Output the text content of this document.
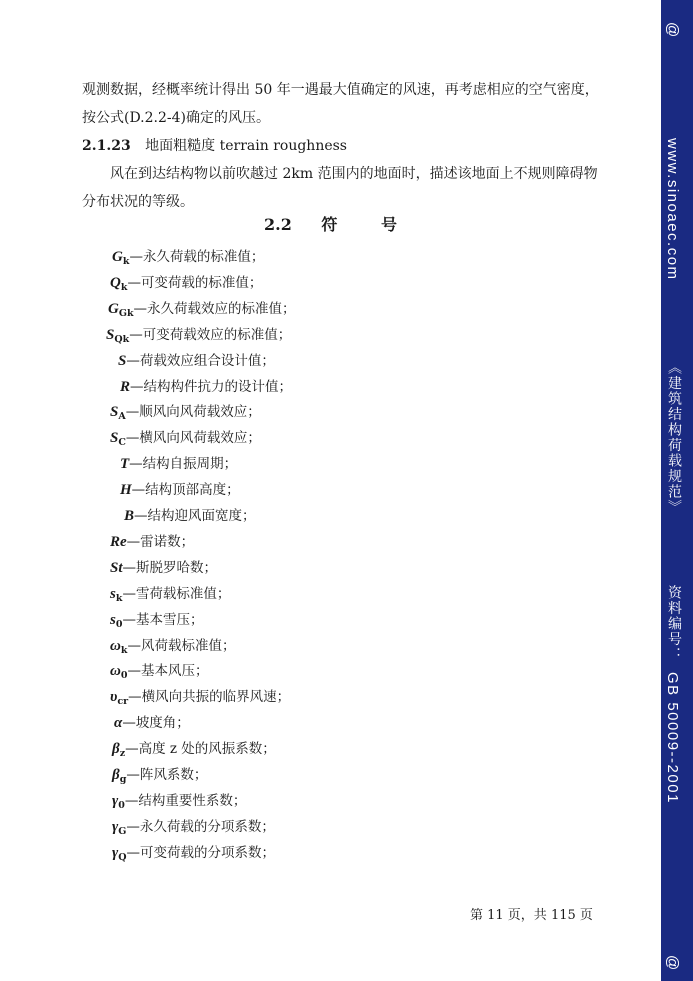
观测数据，经概率统计得出 50 年一遇最大值确定的风速，再考虑相应的空气密度，
按公式(D.2.2-4)确定的风压。
2.1.23 地面粗糙度 terrain roughness
风在到达结构物以前吹越过 2km 范围内的地面时，描述该地面上不规则障碍物
分布状况的等级。
2.2 符	号
$G_k—$永久荷载的标准值；
$Q_k—$可变荷载的标准值；
$G_{Gk}—$永久荷载效应的标准值；
$S_{Qk}—$可变荷载效应的标准值；
S—荷载效应组合设计值；
R—结构构件抗力的设计值；
$S_A—$顺风向风荷载效应；
$S_C—$横风向风荷载效应；
T—结构自振周期；
H—结构顶部高度；
B—结构迎风面宽度；
Re—雷诺数；
St—斯脱罗哈数；
$s_k—$雪荷载标准值；
$s_0—$基本雪压；
$\omega_k—$风荷载标准值；
$\omega_0—$基本风压；
$\upsilon_{cr}—$横风向共振的临界风速；
α—坡度角；
$\beta_z—$高度 z 处的风振系数；
$\beta_g—$阵风系数；
$\gamma_0—$结构重要性系数；
$\gamma_G—$永久荷载的分项系数；
$\gamma_Q—$可变荷载的分项系数；
第 11 页，共 115 页
@
www.sinoaec.com
《建筑结构荷载规范》
资料编号：
GB 50009--2001
@
